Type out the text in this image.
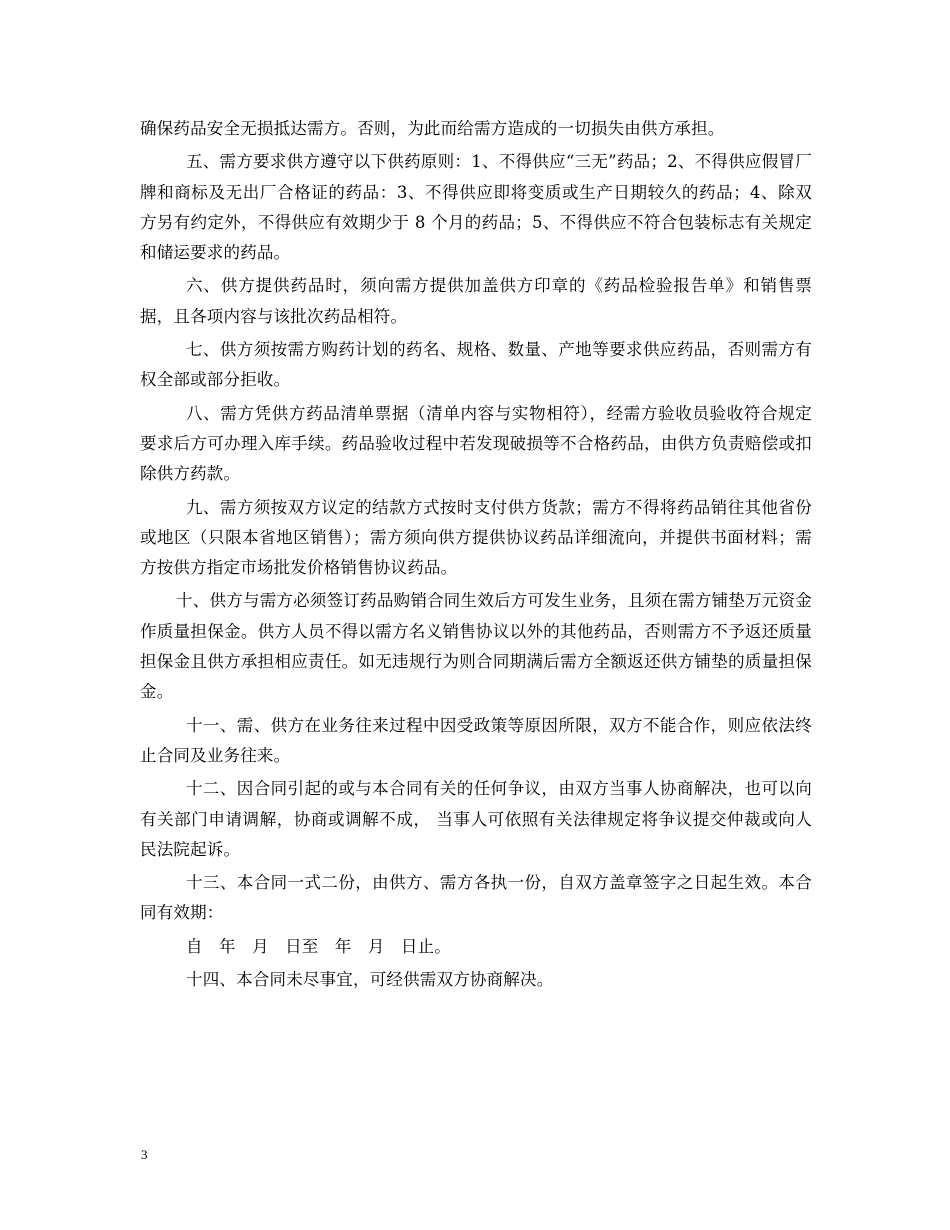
确保药品安全无损抵达需方。否则，为此而给需方造成的一切损失由供方承担。

五、需方要求供方遵守以下供药原则：1、不得供应“三无”药品；2、不得供应假冒厂牌和商标及无出厂合格证的药品：3、不得供应即将变质或生产日期较久的药品；4、除双方另有约定外，不得供应有效期少于 8 个月的药品；5、不得供应不符合包装标志有关规定和储运要求的药品。

六、供方提供药品时，须向需方提供加盖供方印章的《药品检验报告单》和销售票据，且各项内容与该批次药品相符。

七、供方须按需方购药计划的药名、规格、数量、产地等要求供应药品，否则需方有权全部或部分拒收。

八、需方凭供方药品清单票据（清单内容与实物相符），经需方验收员验收符合规定要求后方可办理入库手续。药品验收过程中若发现破损等不合格药品，由供方负责赔偿或扣除供方药款。

九、需方须按双方议定的结款方式按时支付供方货款；需方不得将药品销往其他省份或地区（只限本省地区销售）；需方须向供方提供协议药品详细流向，并提供书面材料；需方按供方指定市场批发价格销售协议药品。

十、供方与需方必须签订药品购销合同生效后方可发生业务，且须在需方铺垫万元资金作质量担保金。供方人员不得以需方名义销售协议以外的其他药品，否则需方不予返还质量担保金且供方承担相应责任。如无违规行为则合同期满后需方全额返还供方铺垫的质量担保金。

十一、需、供方在业务往来过程中因受政策等原因所限，双方不能合作，则应依法终止合同及业务往来。

十二、因合同引起的或与本合同有关的任何争议，由双方当事人协商解决，也可以向有关部门申请调解，协商或调解不成， 当事人可依照有关法律规定将争议提交仲裁或向人民法院起诉。

十三、本合同一式二份，由供方、需方各执一份，自双方盖章签字之日起生效。本合同有效期：

自   年   月   日至   年   月   日止。

十四、本合同未尽事宜，可经供需双方协商解决。

3
